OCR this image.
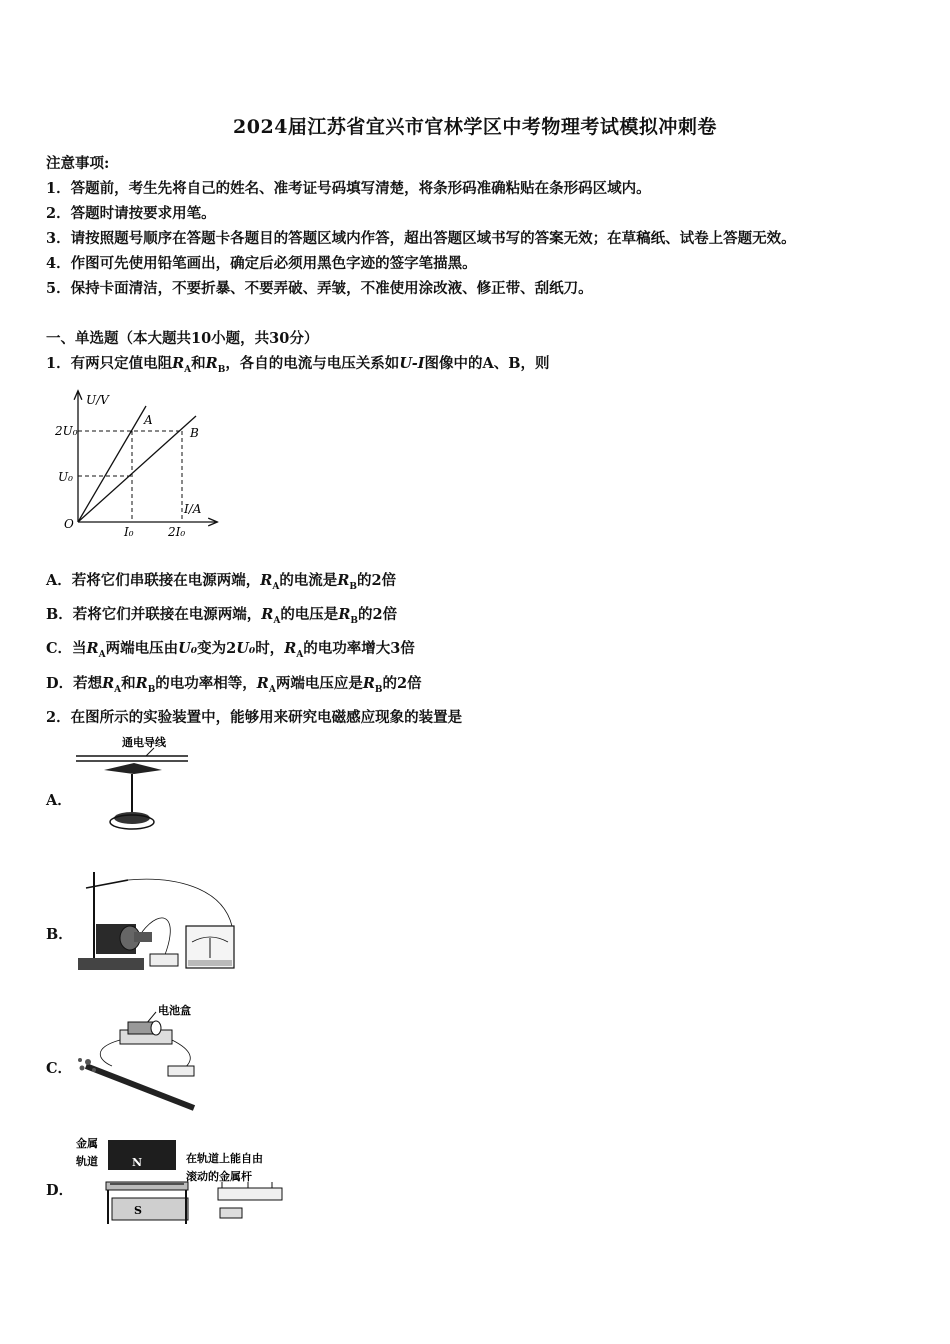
2024届江苏省宜兴市官林学区中考物理考试模拟冲刺卷
注意事项:
1．答题前，考生先将自己的姓名、准考证号码填写清楚，将条形码准确粘贴在条形码区域内。
2．答题时请按要求用笔。
3．请按照题号顺序在答题卡各题目的答题区域内作答，超出答题区域书写的答案无效；在草稿纸、试卷上答题无效。
4．作图可先使用铅笔画出，确定后必须用黑色字迹的签字笔描黑。
5．保持卡面清洁，不要折暴、不要弄破、弄皱，不准使用涂改液、修正带、刮纸刀。
一、单选题（本大题共10小题，共30分）
1．有两只定值电阻$R_A$和$R_B$，各自的电流与电压关系如U-I图像中的A、B，则
U/V
I/A
O
2U₀
U₀
I₀	2I₀
A
B
A．若将它们串联接在电源两端，$R_A$的电流是$R_B$的2倍
B．若将它们并联接在电源两端，$R_A$的电压是$R_B$的2倍
C．当$R_A$两端电压由U₀变为2U₀时，$R_A$的电功率增大3倍
D．若想$R_A$和$R_B$的电功率相等，$R_A$两端电压应是$R_B$的2倍
2．在图所示的实验装置中，能够用来研究电磁感应现象的装置是
A．
通电导线
B．
C．
电池盒
D．
金属
轨道	N
S
在轨道上能自由
滚动的金属杆
